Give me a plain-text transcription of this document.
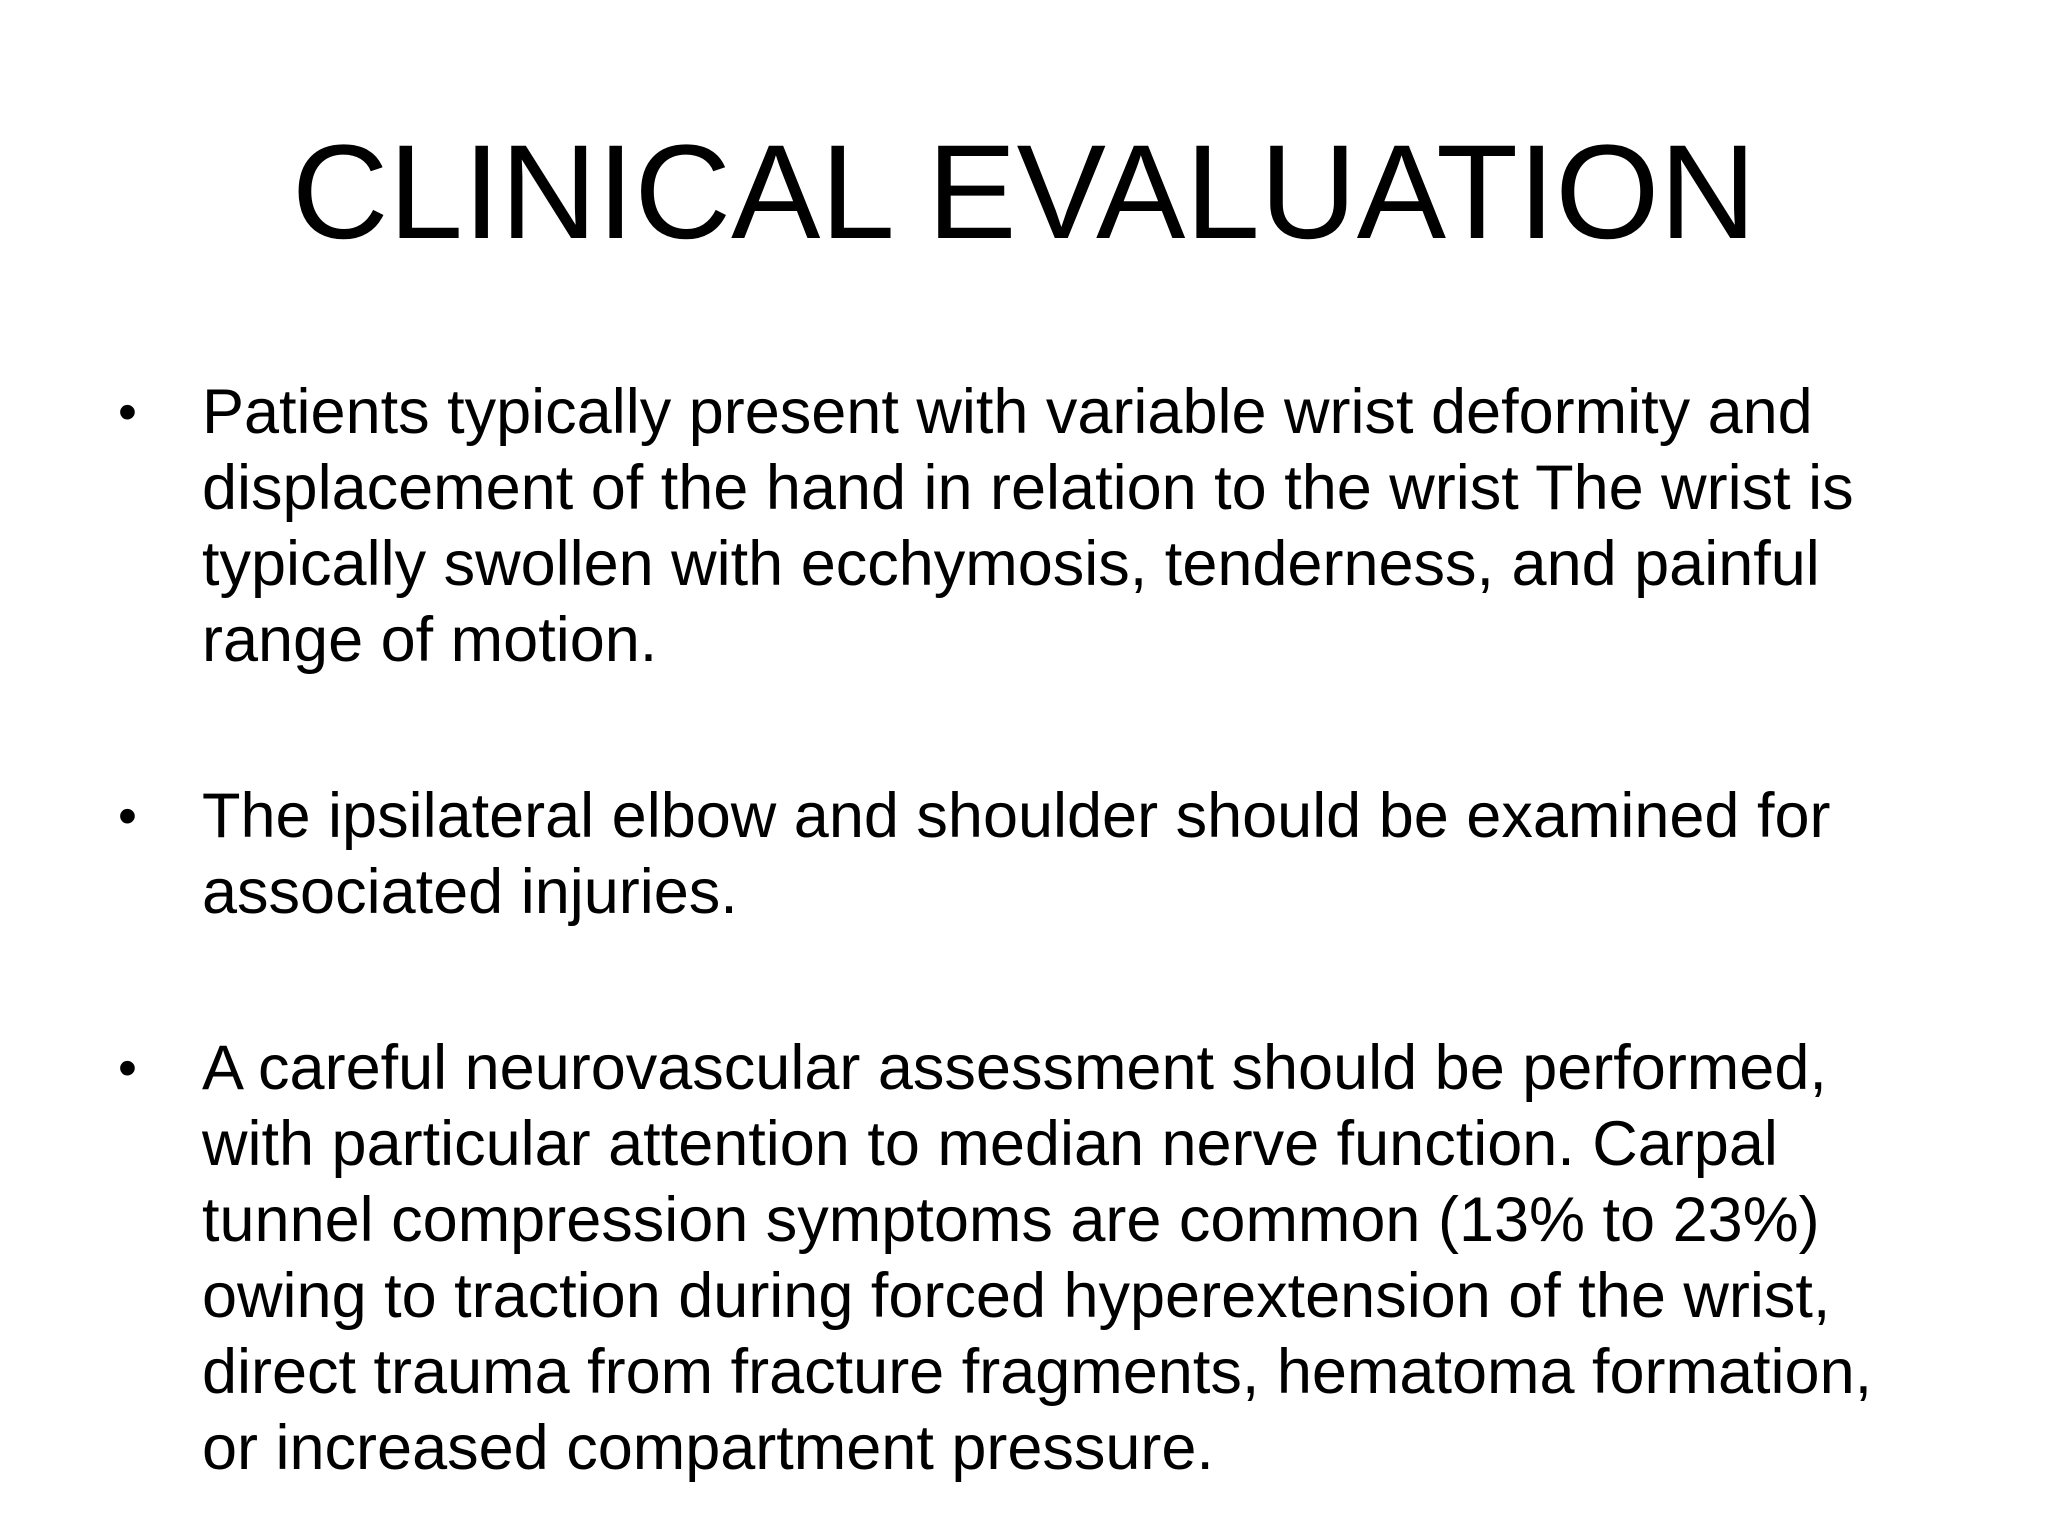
CLINICAL EVALUATION
•	Patients typically present with variable wrist deformity and
displacement of the hand in relation to the wrist The wrist is
typically swollen with ecchymosis, tenderness, and painful
range of motion.
•	The ipsilateral elbow and shoulder should be examined for
associated injuries.
•	A careful neurovascular assessment should be performed,
with particular attention to median nerve function. Carpal
tunnel compression symptoms are common (13% to 23%)
owing to traction during forced hyperextension of the wrist,
direct trauma from fracture fragments, hematoma formation,
or increased compartment pressure.
